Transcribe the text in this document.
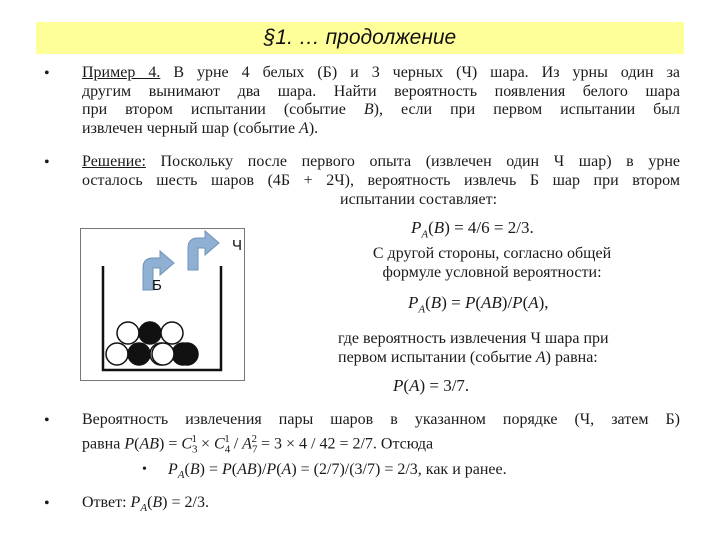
§1. … продолжение
•
Пример 4. В урне 4 белых (Б) и 3 черных (Ч) шара. Из урны один за
другим вынимают два шара. Найти вероятность появления белого шара
при втором испытании (событие В), если при первом испытании был
извлечен черный шар (событие А).
•
Решение: Поскольку после первого опыта (извлечен один Ч шар) в урне
осталось шесть шаров (4Б + 2Ч), вероятность извлечь Б шар при втором
испытании составляет:
Б
Ч
$P_A(B) = 4/6 = 2/3$.
С другой стороны, согласно общей
формуле условной вероятности:
$P_A(B) = P(AB)/P(A)$,
где вероятность извлечения Ч шара при
первом испытании (событие А) равна:
P(A) = 3/7.
•
Вероятность извлечения пары шаров в указанном порядке (Ч, затем Б)
равна $P(AB) = C_3^1 \times C_4^1 / A_7^2 = 3 \times 4 / 42 = 2/7$. Отсюда
• $P_A(B) = P(AB)/P(A) = (2/7)/(3/7) = 2/3$, как и ранее.
•
Ответ: $P_A(B) = 2/3$.
